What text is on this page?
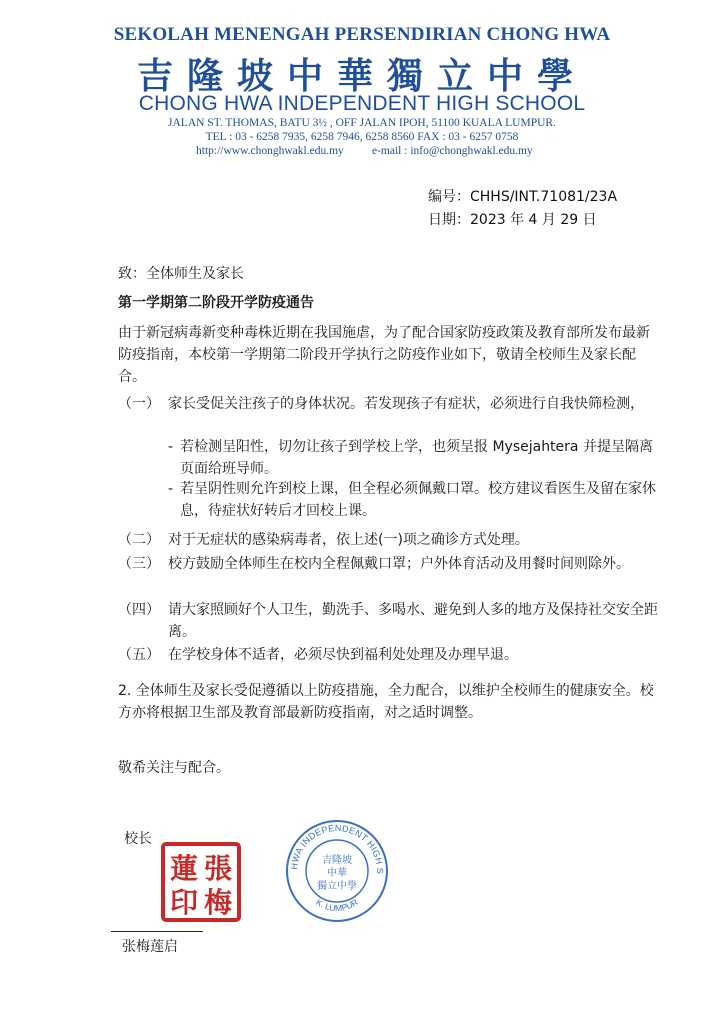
SEKOLAH MENENGAH PERSENDIRIAN CHONG HWA
吉隆坡中華獨立中學
CHONG HWA INDEPENDENT HIGH SCHOOL
JALAN ST. THOMAS, BATU 3½ , OFF JALAN IPOH, 51100 KUALA LUMPUR.
TEL : 03 - 6258 7935, 6258 7946, 6258 8560 FAX : 03 - 6257 0758
http://www.chonghwakl.edu.my e-mail : info@chonghwakl.edu.my
编号：CHHS/INT.71081/23A
日期：2023 年 4 月 29 日
致：全体师生及家长
第一学期第二阶段开学防疫通告
由于新冠病毒新变种毒株近期在我国施虐，为了配合国家防疫政策及教育部所发布最新防疫指南，本校第一学期第二阶段开学执行之防疫作业如下，敬请全校师生及家长配合。
（一） 家长受促关注孩子的身体状况。若发现孩子有症状，必须进行自我快筛检测，
- 若检测呈阳性，切勿让孩子到学校上学，也须呈报 Mysejahtera 并提呈隔离页面给班导师。
- 若呈阴性则允许到校上课，但全程必须佩戴口罩。校方建议看医生及留在家休息，待症状好转后才回校上课。
（二） 对于无症状的感染病毒者，依上述(一)项之确诊方式处理。
（三） 校方鼓励全体师生在校内全程佩戴口罩；户外体育活动及用餐时间则除外。
（四） 请大家照顾好个人卫生，勤洗手、多喝水、避免到人多的地方及保持社交安全距离。
（五） 在学校身体不适者，必须尽快到福利处处理及办理早退。
2. 全体师生及家长受促遵循以上防疫措施，全力配合，以维护全校师生的健康安全。校方亦将根据卫生部及教育部最新防疫指南，对之适时调整。
敬希关注与配合。
校长
張
梅
蓮
印
HWA INDEPENDENT HIGH S
K. LUMPUR
吉隆坡
中華
獨立中學
张梅莲启
